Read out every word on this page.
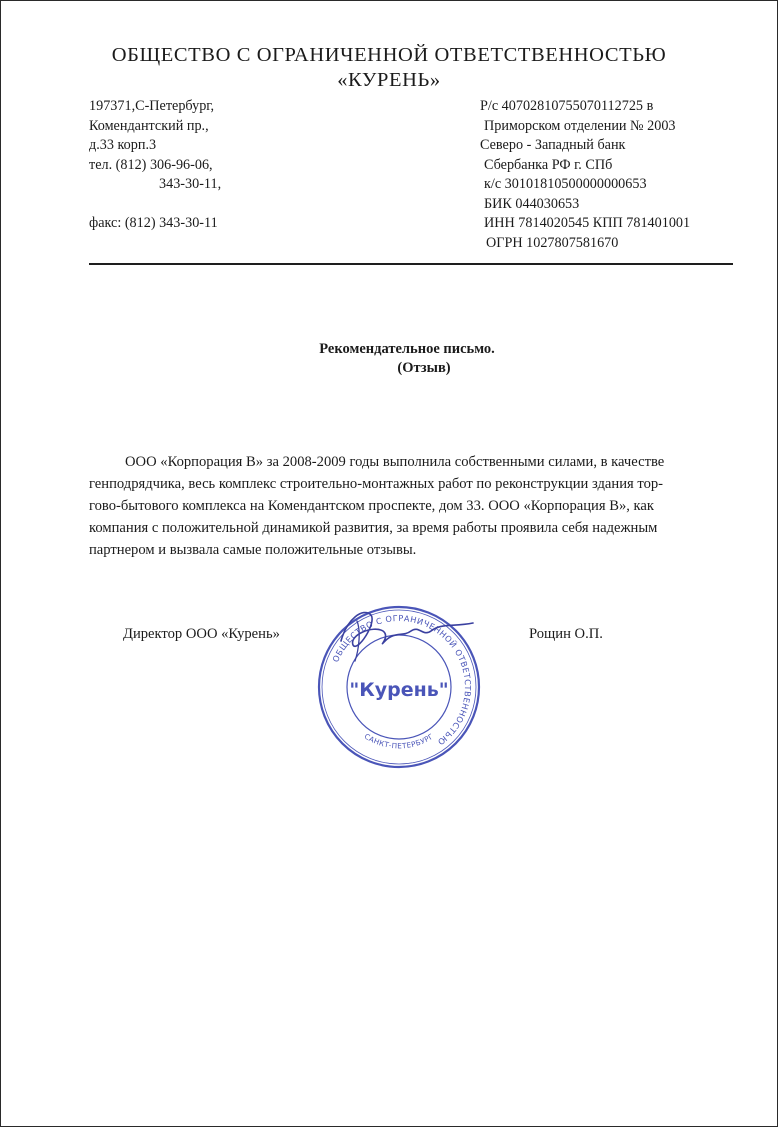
ОБЩЕСТВО С ОГРАНИЧЕННОЙ ОТВЕТСТВЕННОСТЬЮ
«КУРЕНЬ»
197371,С-Петербург,
Комендантский пр.,
д.33 корп.3
тел. (812) 306-96-06,
343-30-11,
факс: (812) 343-30-11
Р/с 40702810755070112725 в
Приморском отделении № 2003
Северо - Западный банк
Сбербанка РФ г. СПб
к/с 30101810500000000653
БИК 044030653
ИНН 7814020545 КПП 781401001
ОГРН 1027807581670
Рекомендательное письмо.
(Отзыв)
ООО «Корпорация В» за 2008-2009 годы выполнила собственными силами, в качестве
генподрядчика, весь комплекс строительно-монтажных работ по реконструкции здания тор-
гово-бытового комплекса на Комендантском проспекте, дом 33. ООО «Корпорация В», как
компания с положительной динамикой развития, за время работы проявила себя надежным
партнером и вызвала самые положительные отзывы.
Директор ООО «Курень»	Рощин О.П.
ОБЩЕСТВО С ОГРАНИЧЕННОЙ ОТВЕТСТВЕННОСТЬЮ
САНКТ-ПЕТЕРБУРГ
"Курень"
